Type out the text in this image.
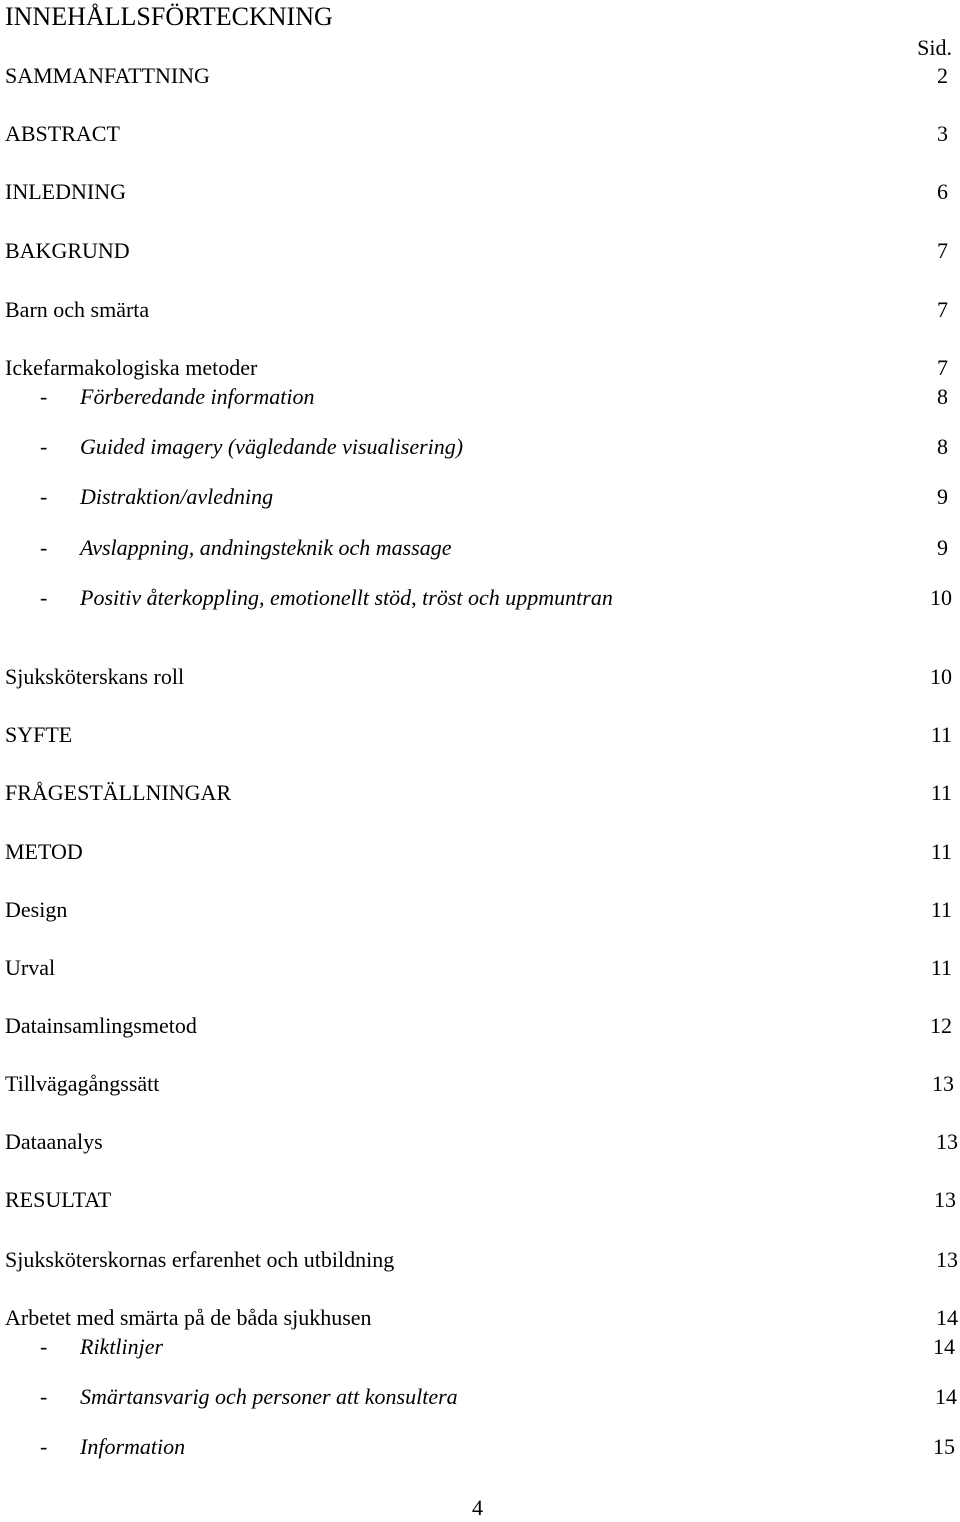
INNEHÅLLSFÖRTECKNING
Sid.
SAMMANFATTNING	2
ABSTRACT	3
INLEDNING	6
BAKGRUND	7
Barn och smärta	7
Ickefarmakologiska metoder	7
- Förberedande information	8
- Guided imagery (vägledande visualisering)	8
- Distraktion/avledning	9
- Avslappning, andningsteknik och massage	9
- Positiv återkoppling, emotionellt stöd, tröst och uppmuntran	10
Sjuksköterskans roll	10
SYFTE	11
FRÅGESTÄLLNINGAR	11
METOD	11
Design	11
Urval	11
Datainsamlingsmetod	12
Tillvägagångssätt	13
Dataanalys	13
RESULTAT	13
Sjuksköterskornas erfarenhet och utbildning	13
Arbetet med smärta på de båda sjukhusen	14
- Riktlinjer	14
- Smärtansvarig och personer att konsultera	14
- Information	15
4
